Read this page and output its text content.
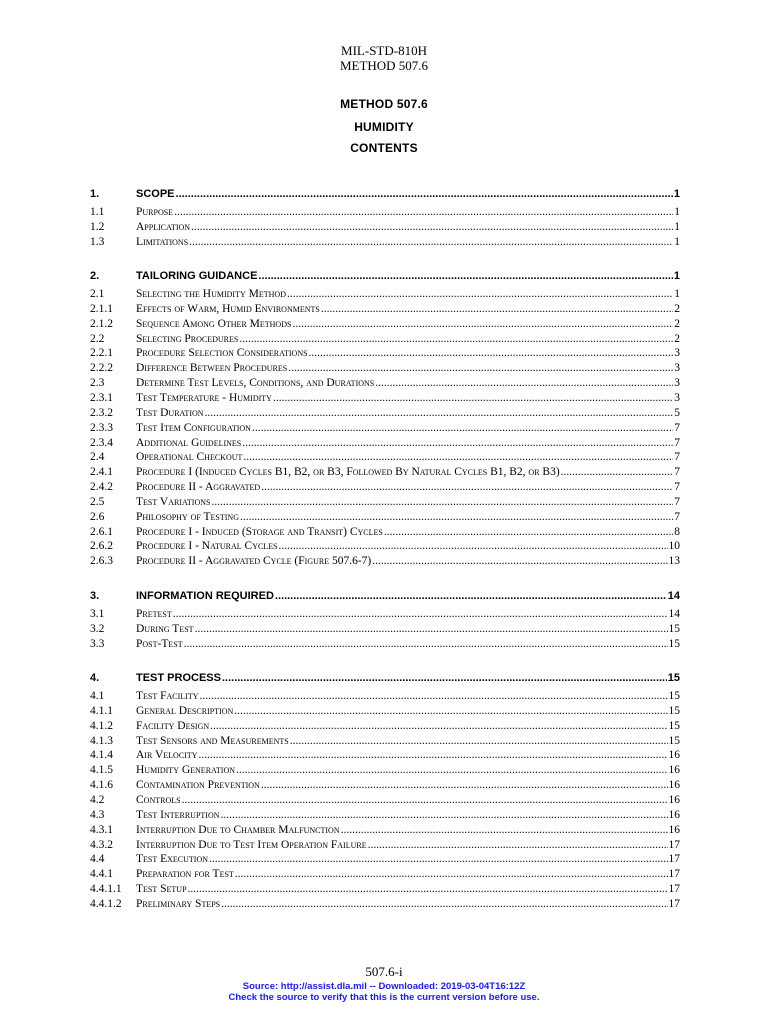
MIL-STD-810H
METHOD 507.6
METHOD 507.6
HUMIDITY
CONTENTS
1.	SCOPE .....	1
1.1	Purpose .....	1
1.2	Application .....	1
1.3	Limitations .....	1
2.	TAILORING GUIDANCE .....	1
2.1	Selecting the Humidity Method .....	1
2.1.1	Effects of Warm, Humid Environments .....	2
2.1.2	Sequence Among Other Methods .....	2
2.2	Selecting Procedures .....	2
2.2.1	Procedure Selection Considerations .....	3
2.2.2	Difference Between Procedures .....	3
2.3	Determine Test Levels, Conditions, and Durations .....	3
2.3.1	Test Temperature - Humidity .....	3
2.3.2	Test Duration .....	5
2.3.3	Test Item Configuration .....	7
2.3.4	Additional Guidelines .....	7
2.4	Operational Checkout .....	7
2.4.1	Procedure I (Induced Cycles B1, B2, or B3, Followed By Natural Cycles B1, B2, or B3) .....	7
2.4.2	Procedure II - Aggravated .....	7
2.5	Test Variations .....	7
2.6	Philosophy of Testing .....	7
2.6.1	Procedure I - Induced (Storage and Transit) Cycles .....	8
2.6.2	Procedure I - Natural Cycles .....	10
2.6.3	Procedure II - Aggravated Cycle (Figure 507.6-7) .....	13
3.	INFORMATION REQUIRED .....	14
3.1	Pretest .....	14
3.2	During Test .....	15
3.3	Post-Test .....	15
4.	TEST PROCESS .....	15
4.1	Test Facility .....	15
4.1.1	General Description .....	15
4.1.2	Facility Design .....	15
4.1.3	Test Sensors and Measurements .....	15
4.1.4	Air Velocity .....	16
4.1.5	Humidity Generation .....	16
4.1.6	Contamination Prevention .....	16
4.2	Controls .....	16
4.3	Test Interruption .....	16
4.3.1	Interruption Due to Chamber Malfunction .....	16
4.3.2	Interruption Due to Test Item Operation Failure .....	17
4.4	Test Execution .....	17
4.4.1	Preparation for Test .....	17
4.4.1.1	Test Setup .....	17
4.4.1.2	Preliminary Steps .....	17
507.6-i
Source: http://assist.dla.mil -- Downloaded: 2019-03-04T16:12Z
Check the source to verify that this is the current version before use.
